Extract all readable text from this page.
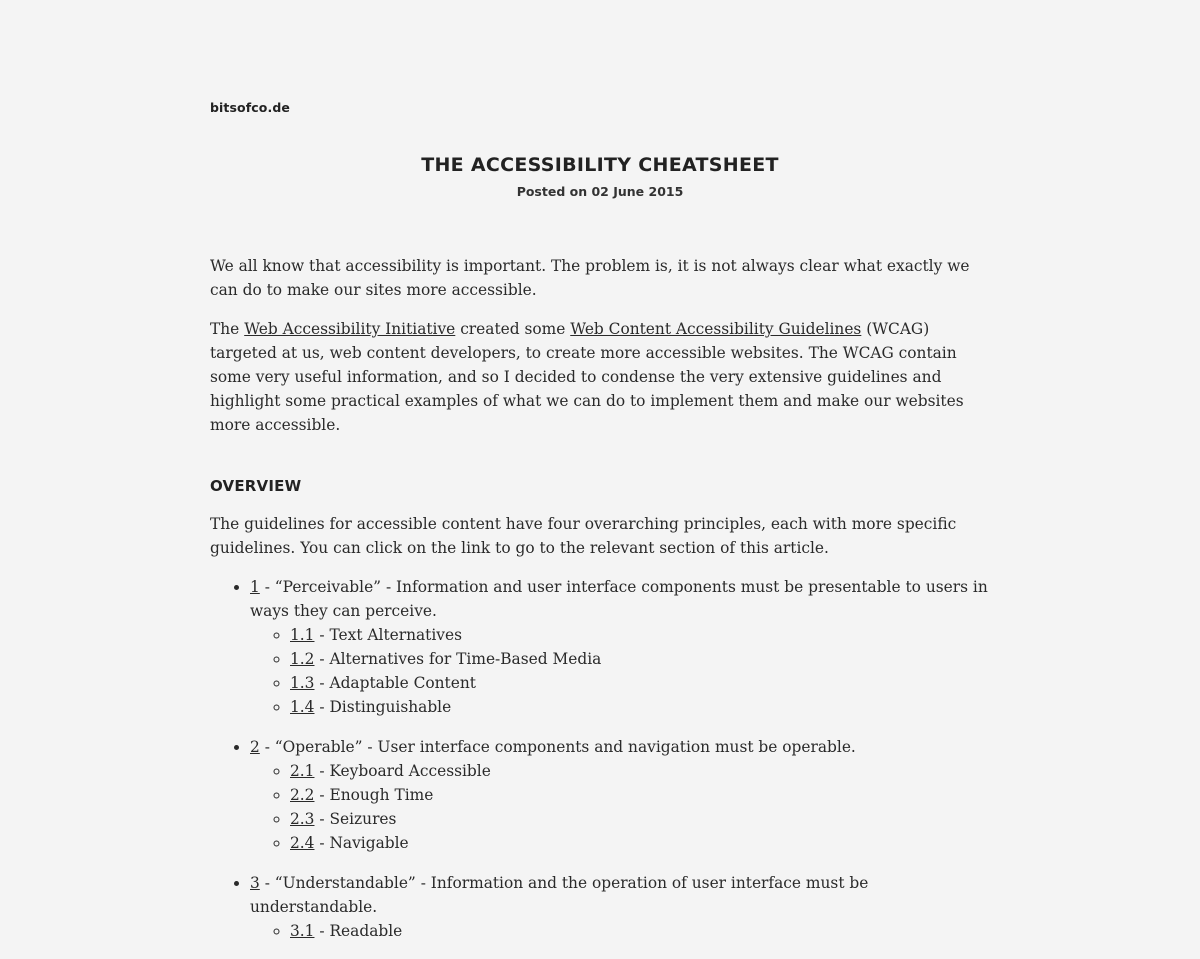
bitsofco.de
THE ACCESSIBILITY CHEATSHEET
Posted on 02 June 2015

We all know that accessibility is important. The problem is, it is not always clear what exactly we can do to make our sites more accessible.

The Web Accessibility Initiative created some Web Content Accessibility Guidelines (WCAG) targeted at us, web content developers, to create more accessible websites. The WCAG contain some very useful information, and so I decided to condense the very extensive guidelines and highlight some practical examples of what we can do to implement them and make our websites more accessible.

OVERVIEW

The guidelines for accessible content have four overarching principles, each with more specific guidelines. You can click on the link to go to the relevant section of this article.

• 1 - “Perceivable” - Information and user interface components must be presentable to users in ways they can perceive.
◦ 1.1 - Text Alternatives
◦ 1.2 - Alternatives for Time-Based Media
◦ 1.3 - Adaptable Content
◦ 1.4 - Distinguishable
• 2 - “Operable” - User interface components and navigation must be operable.
◦ 2.1 - Keyboard Accessible
◦ 2.2 - Enough Time
◦ 2.3 - Seizures
◦ 2.4 - Navigable
• 3 - “Understandable” - Information and the operation of user interface must be understandable.
◦ 3.1 - Readable
